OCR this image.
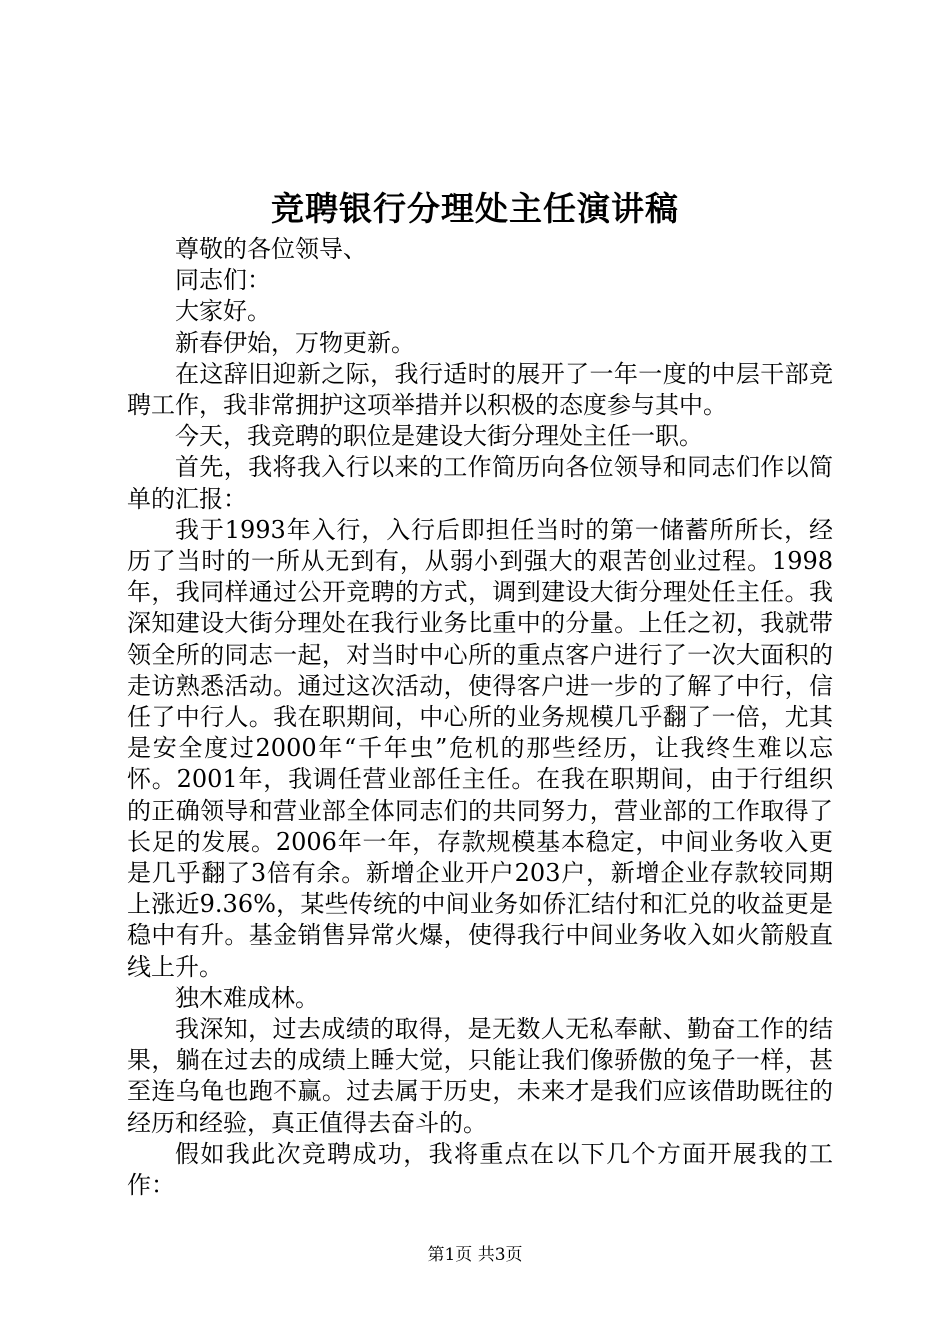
竞聘银行分理处主任演讲稿

尊敬的各位领导、

同志们：

大家好。

新春伊始，万物更新。

在这辞旧迎新之际，我行适时的展开了一年一度的中层干部竞聘工作，我非常拥护这项举措并以积极的态度参与其中。

今天，我竞聘的职位是建设大街分理处主任一职。

首先，我将我入行以来的工作简历向各位领导和同志们作以简单的汇报：

我于1993年入行，入行后即担任当时的第一储蓄所所长，经历了当时的一所从无到有，从弱小到强大的艰苦创业过程。1998年，我同样通过公开竞聘的方式，调到建设大街分理处任主任。我深知建设大街分理处在我行业务比重中的分量。上任之初，我就带领全所的同志一起，对当时中心所的重点客户进行了一次大面积的走访熟悉活动。通过这次活动，使得客户进一步的了解了中行，信任了中行人。我在职期间，中心所的业务规模几乎翻了一倍，尤其是安全度过2000年“千年虫”危机的那些经历，让我终生难以忘怀。2001年，我调任营业部任主任。在我在职期间，由于行组织的正确领导和营业部全体同志们的共同努力，营业部的工作取得了长足的发展。2006年一年，存款规模基本稳定，中间业务收入更是几乎翻了3倍有余。新增企业开户203户，新增企业存款较同期上涨近9.36%，某些传统的中间业务如侨汇结付和汇兑的收益更是稳中有升。基金销售异常火爆，使得我行中间业务收入如火箭般直线上升。

独木难成林。

我深知，过去成绩的取得，是无数人无私奉献、勤奋工作的结果，躺在过去的成绩上睡大觉，只能让我们像骄傲的兔子一样，甚至连乌龟也跑不赢。过去属于历史，未来才是我们应该借助既往的经历和经验，真正值得去奋斗的。

假如我此次竞聘成功，我将重点在以下几个方面开展我的工作：

第1页 共3页
